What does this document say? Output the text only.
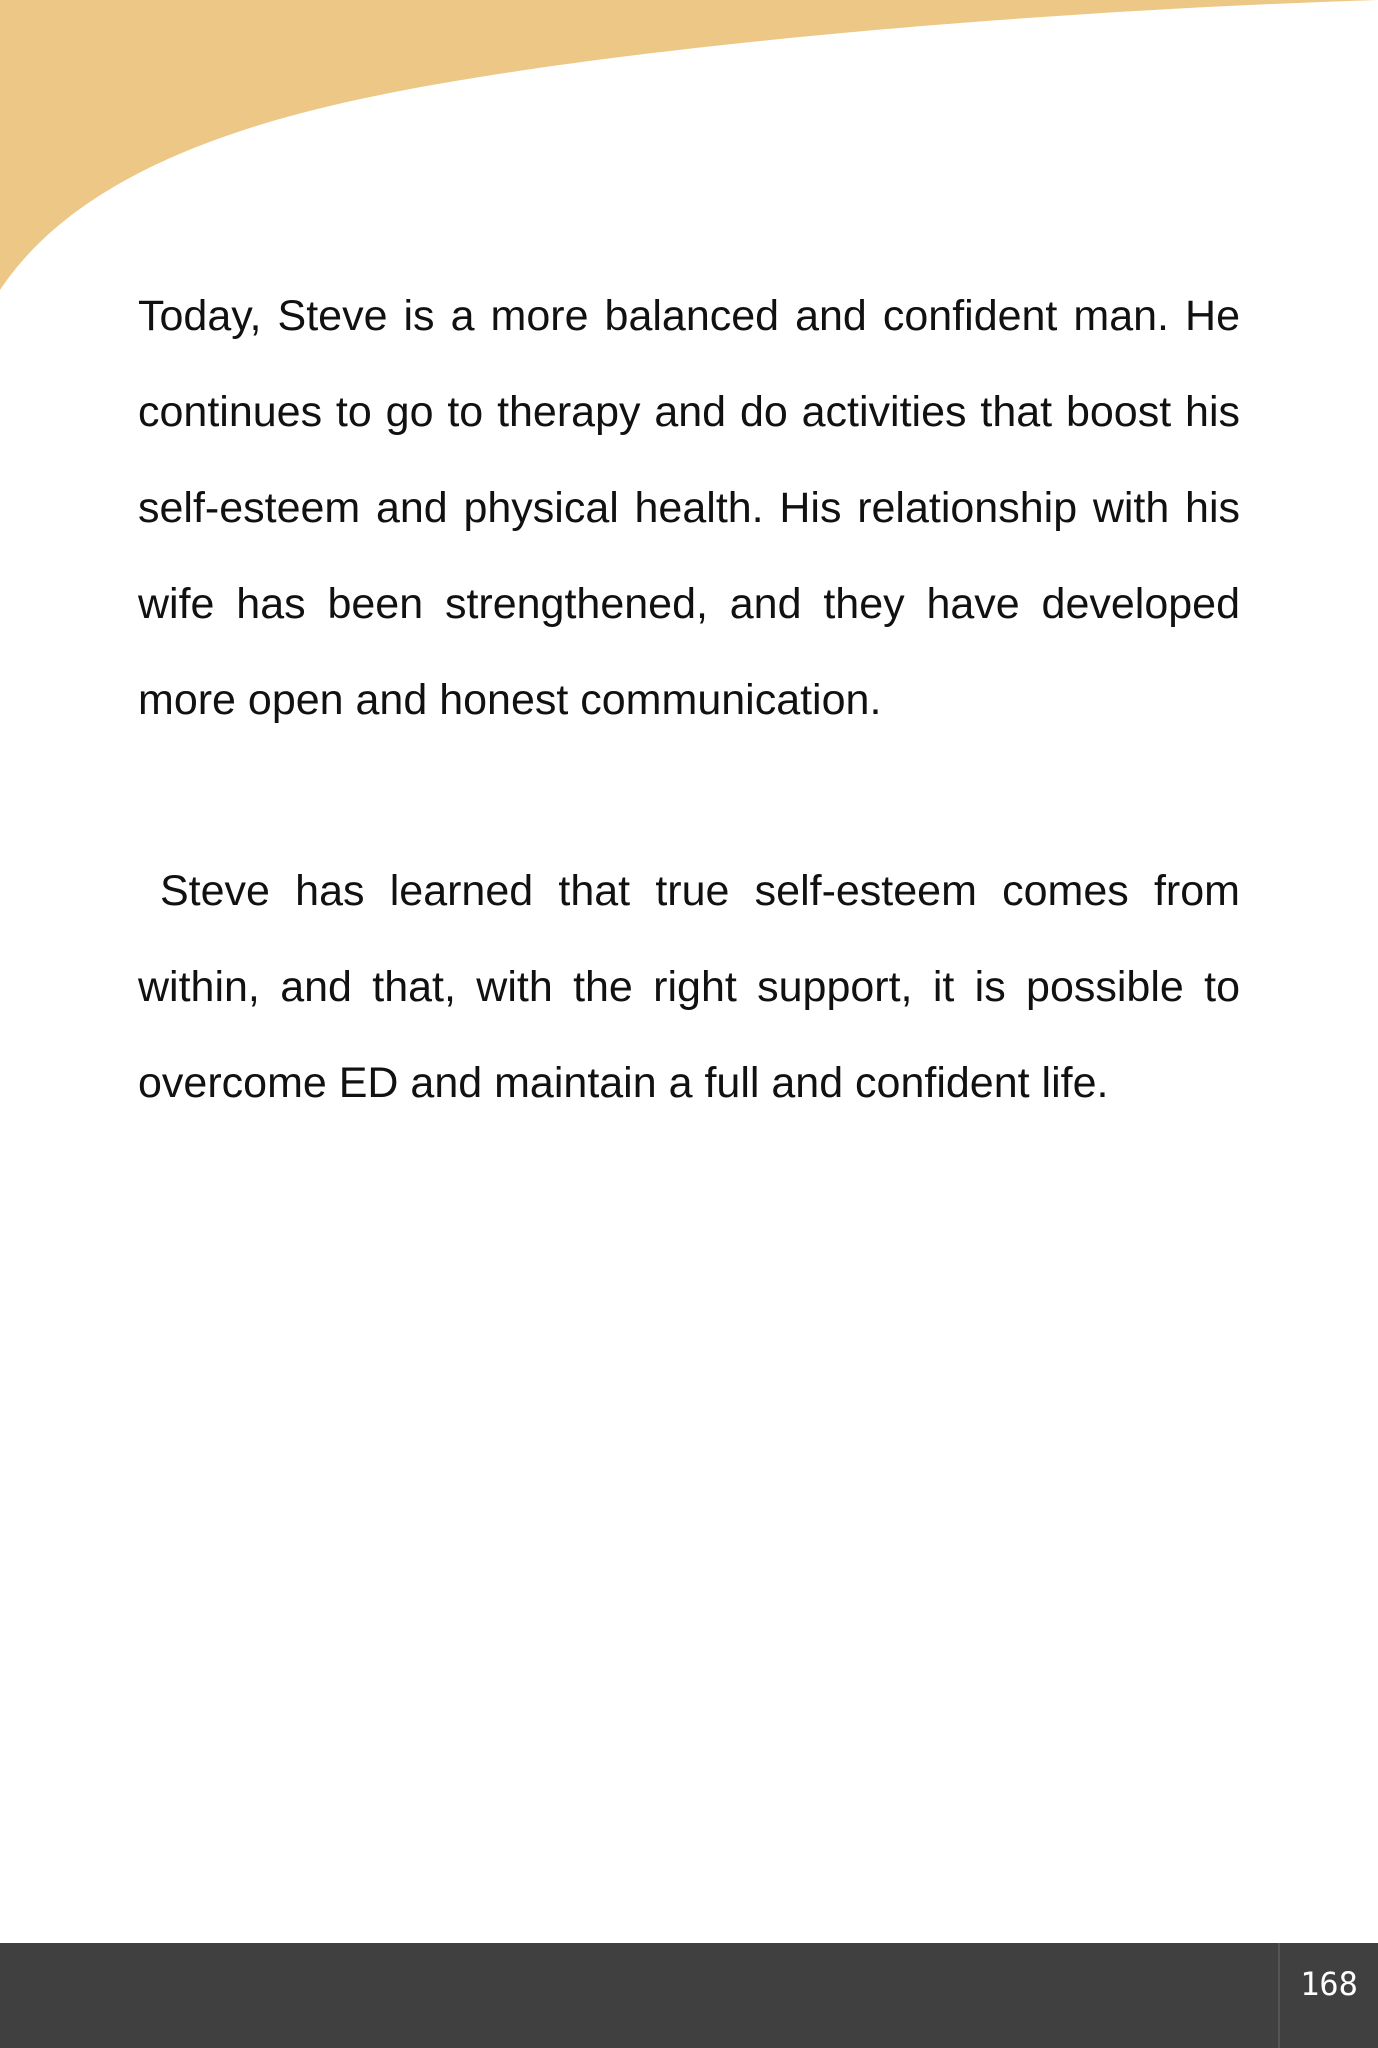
Today, Steve is a more balanced and confident man. He continues to go to therapy and do activities that boost his self-esteem and physical health. His relationship with his wife has been strengthened, and they have developed more open and honest communication.

Steve has learned that true self-esteem comes from within, and that, with the right support, it is possible to overcome ED and maintain a full and confident life.

168
